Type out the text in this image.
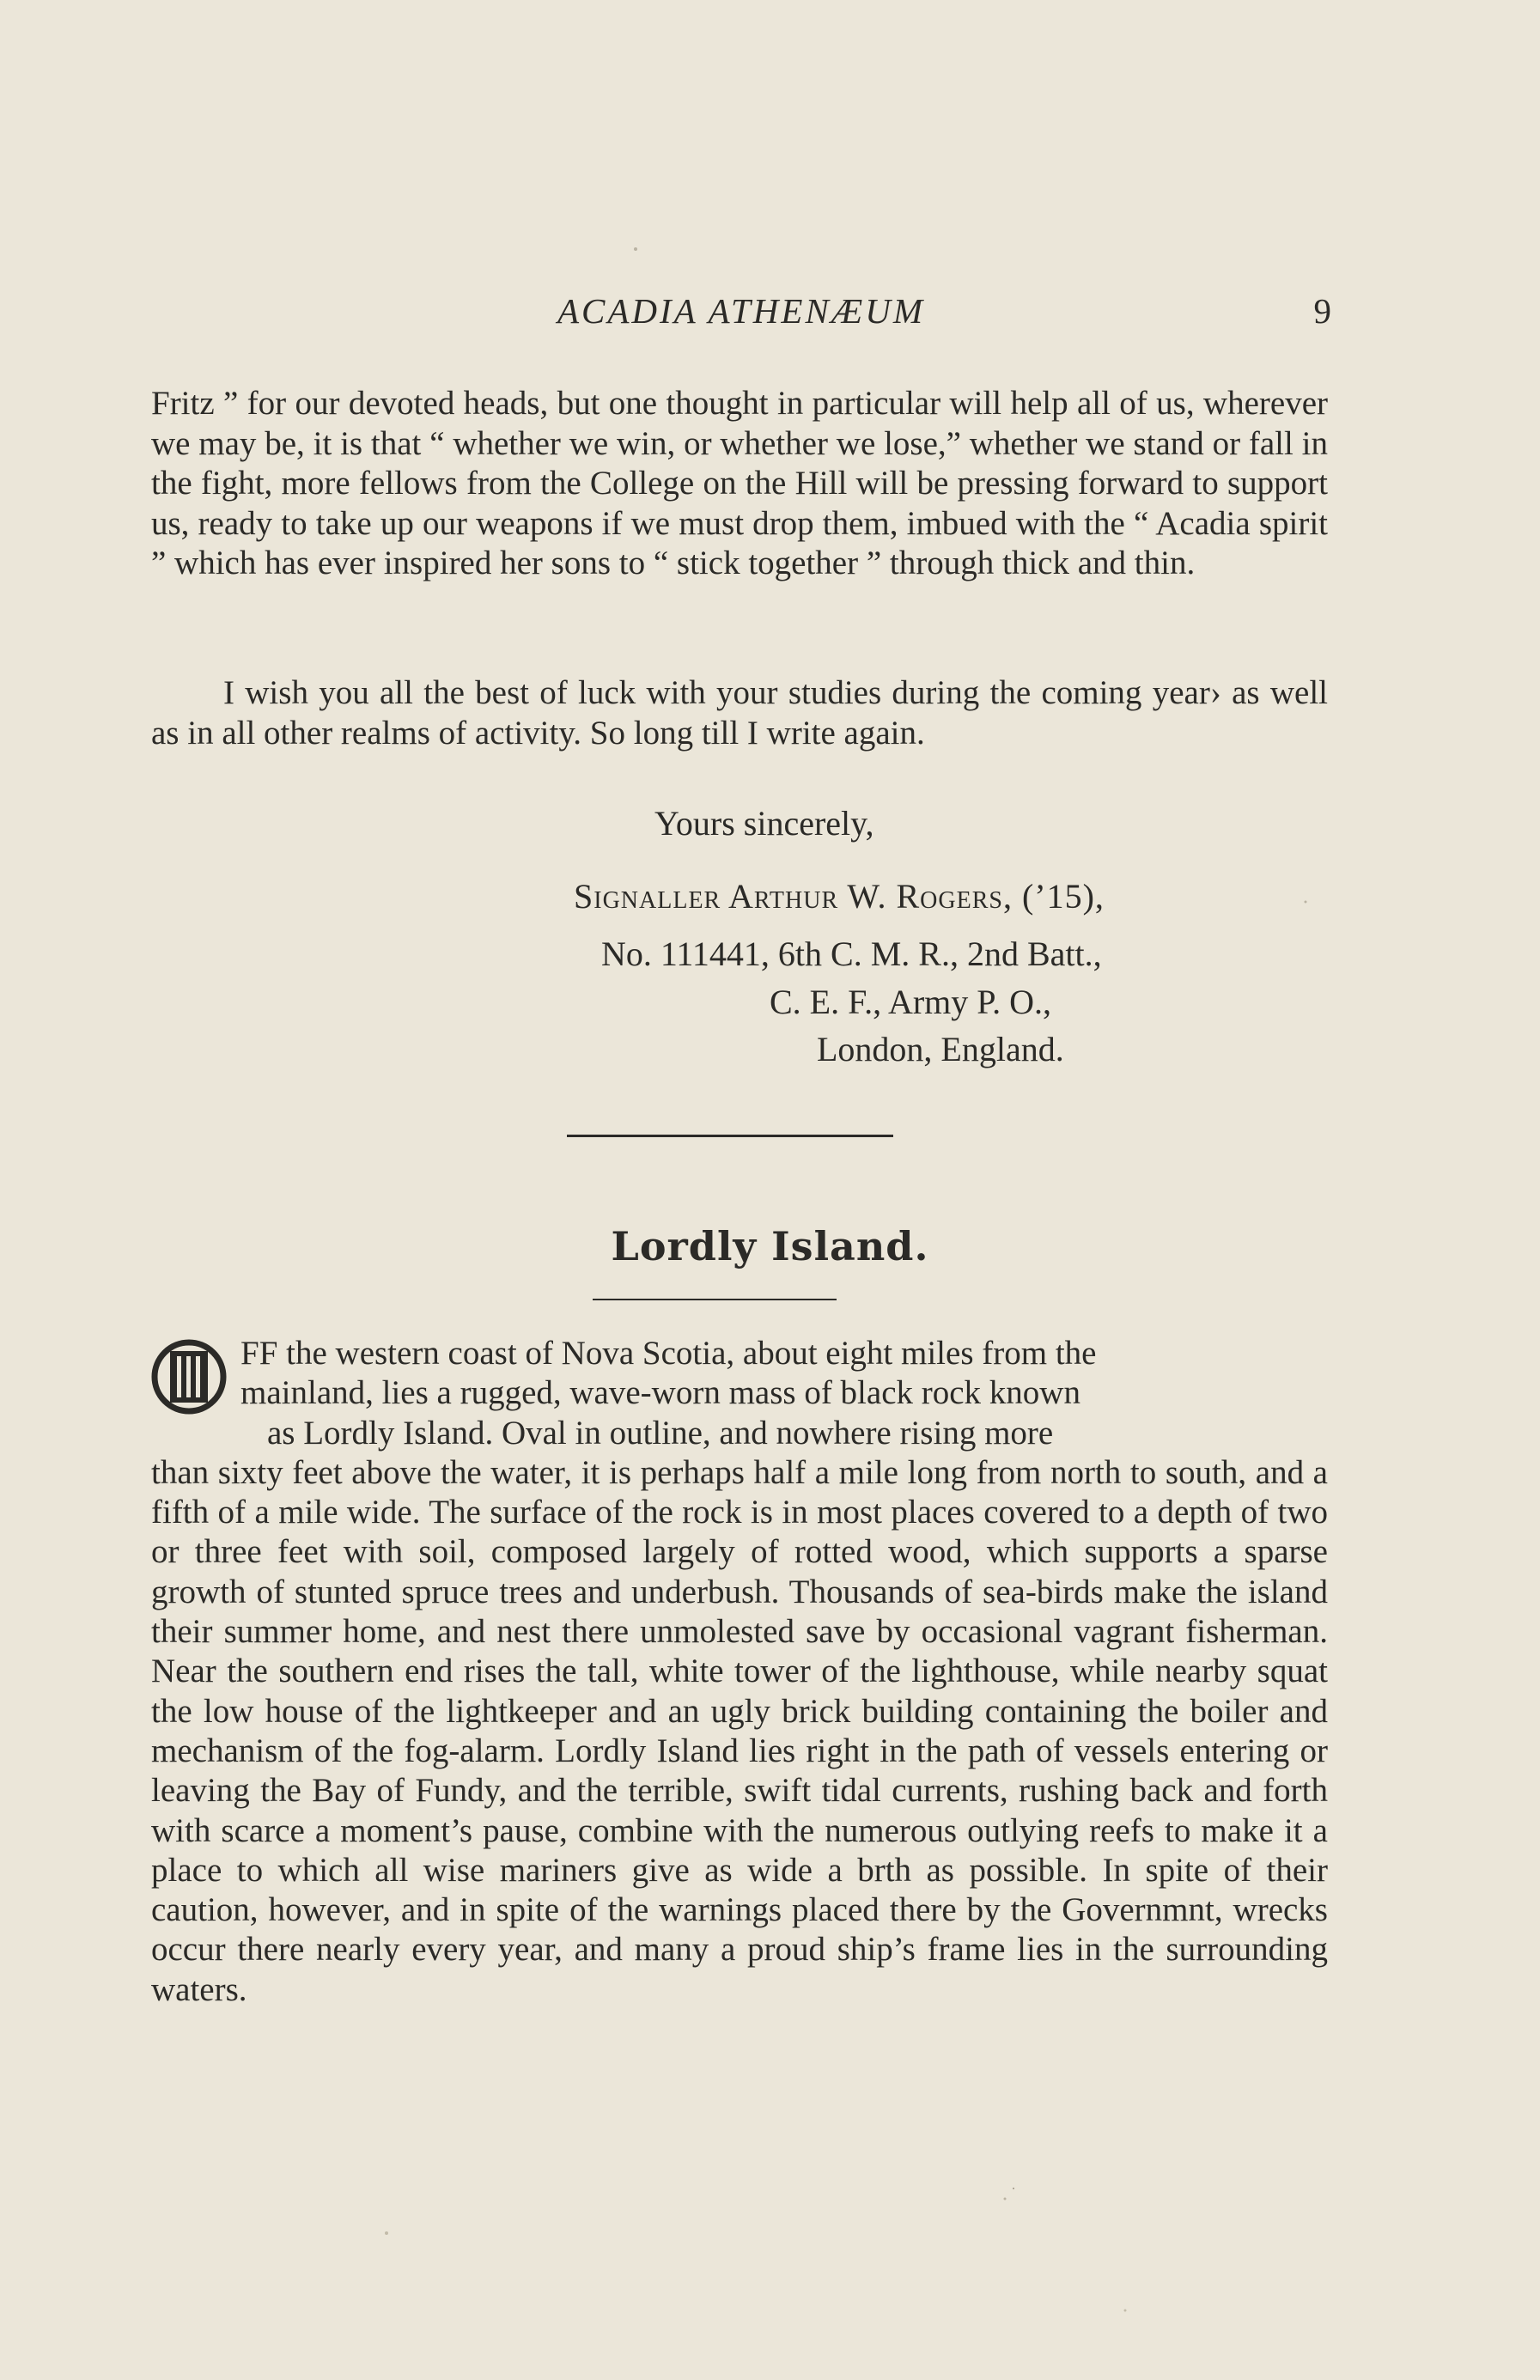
ACADIA ATHENÆUM	9

Fritz ” for our devoted heads, but one thought in particular will help all of us, wherever we may be, it is that “ whether we win, or whether we lose,” whether we stand or fall in the fight, more fellows from the College on the Hill will be pressing forward to support us, ready to take up our weapons if we must drop them, imbued with the “ Acadia spirit ” which has ever inspired her sons to “ stick together ” through thick and thin.

I wish you all the best of luck with your studies during the coming year› as well as in all other realms of activity. So long till I write again.

Yours sincerely,
Signaller Arthur W. Rogers, (’15),
No. 111441, 6th C. M. R., 2nd Batt.,
C. E. F., Army P. O.,
London, England.
Lordly Island.
FF the western coast of Nova Scotia, about eight miles from the
mainland, lies a rugged, wave-worn mass of black rock known
as Lordly Island. Oval in outline, and nowhere rising more
than sixty feet above the water, it is perhaps half a mile long from north to south, and a fifth of a mile wide. The surface of the rock is in most places covered to a depth of two or three feet with soil, composed largely of rotted wood, which supports a sparse growth of stunted spruce trees and underbush. Thousands of sea-birds make the island their summer home, and nest there unmolested save by occasional vagrant fisherman. Near the southern end rises the tall, white tower of the lighthouse, while nearby squat the low house of the lightkeeper and an ugly brick building containing the boiler and mechanism of the fog-alarm. Lordly Island lies right in the path of vessels entering or leaving the Bay of Fundy, and the terrible, swift tidal currents, rushing back and forth with scarce a moment’s pause, combine with the numerous outlying reefs to make it a place to which all wise mariners give as wide a brth as possible. In spite of their caution, however, and in spite of the warnings placed there by the Governmnt, wrecks occur there nearly every year, and many a proud ship’s frame lies in the surrounding waters.
